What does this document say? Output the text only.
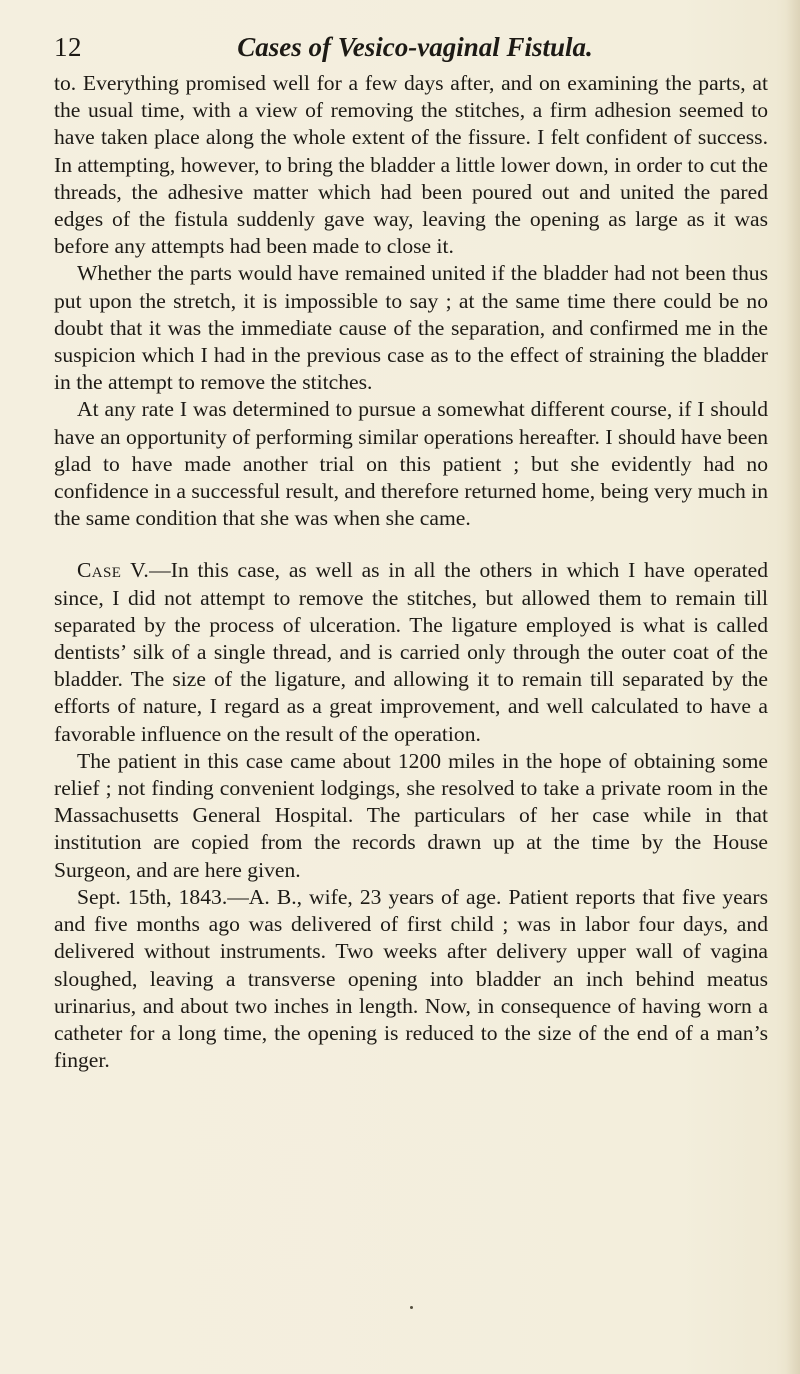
12	Cases of Vesico-vaginal Fistula.

to. Everything promised well for a few days after, and on examining the parts, at the usual time, with a view of removing the stitches, a firm adhesion seemed to have taken place along the whole extent of the fissure. I felt confident of success. In attempting, however, to bring the bladder a little lower down, in order to cut the threads, the adhesive matter which had been poured out and united the pared edges of the fistula suddenly gave way, leaving the opening as large as it was before any attempts had been made to close it.

Whether the parts would have remained united if the bladder had not been thus put upon the stretch, it is impossible to say ; at the same time there could be no doubt that it was the immediate cause of the separation, and confirmed me in the suspicion which I had in the previous case as to the effect of straining the bladder in the attempt to remove the stitches.

At any rate I was determined to pursue a somewhat different course, if I should have an opportunity of performing similar operations hereafter. I should have been glad to have made another trial on this patient ; but she evidently had no confidence in a successful result, and therefore returned home, being very much in the same condition that she was when she came.

Case V.—In this case, as well as in all the others in which I have operated since, I did not attempt to remove the stitches, but allowed them to remain till separated by the process of ulceration. The ligature employed is what is called dentists’ silk of a single thread, and is carried only through the outer coat of the bladder. The size of the ligature, and allowing it to remain till separated by the efforts of nature, I regard as a great improvement, and well calculated to have a favorable influence on the result of the operation.

The patient in this case came about 1200 miles in the hope of obtaining some relief ; not finding convenient lodgings, she resolved to take a private room in the Massachusetts General Hospital. The particulars of her case while in that institution are copied from the records drawn up at the time by the House Surgeon, and are here given.

Sept. 15th, 1843.—A. B., wife, 23 years of age. Patient reports that five years and five months ago was delivered of first child ; was in labor four days, and delivered without instruments. Two weeks after delivery upper wall of vagina sloughed, leaving a transverse opening into bladder an inch behind meatus urinarius, and about two inches in length. Now, in consequence of having worn a catheter for a long time, the opening is reduced to the size of the end of a man’s finger.
